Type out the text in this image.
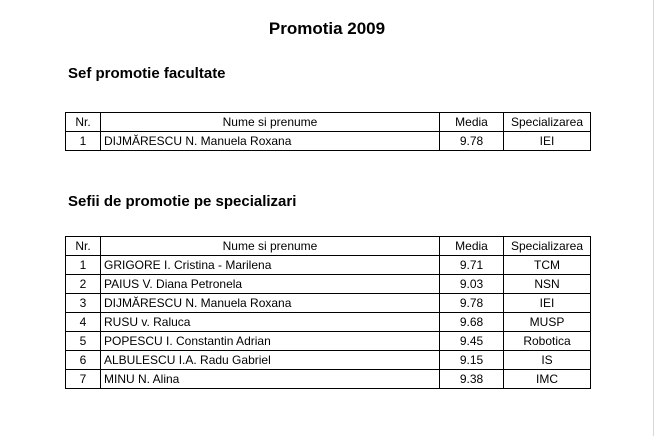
Promotia 2009
Sef promotie facultate
Nr.	Nume si prenume	Media	Specializarea
1	DIJMĂRESCU N. Manuela Roxana	9.78	IEI
Sefii de promotie pe specializari
Nr.	Nume si prenume	Media	Specializarea
1	GRIGORE I. Cristina - Marilena	9.71	TCM
2	PAIUS V. Diana Petronela	9.03	NSN
3	DIJMĂRESCU N. Manuela Roxana	9.78	IEI
4	RUSU v. Raluca	9.68	MUSP
5	POPESCU I. Constantin Adrian	9.45	Robotica
6	ALBULESCU I.A. Radu Gabriel	9.15	IS
7	MINU N. Alina	9.38	IMC
